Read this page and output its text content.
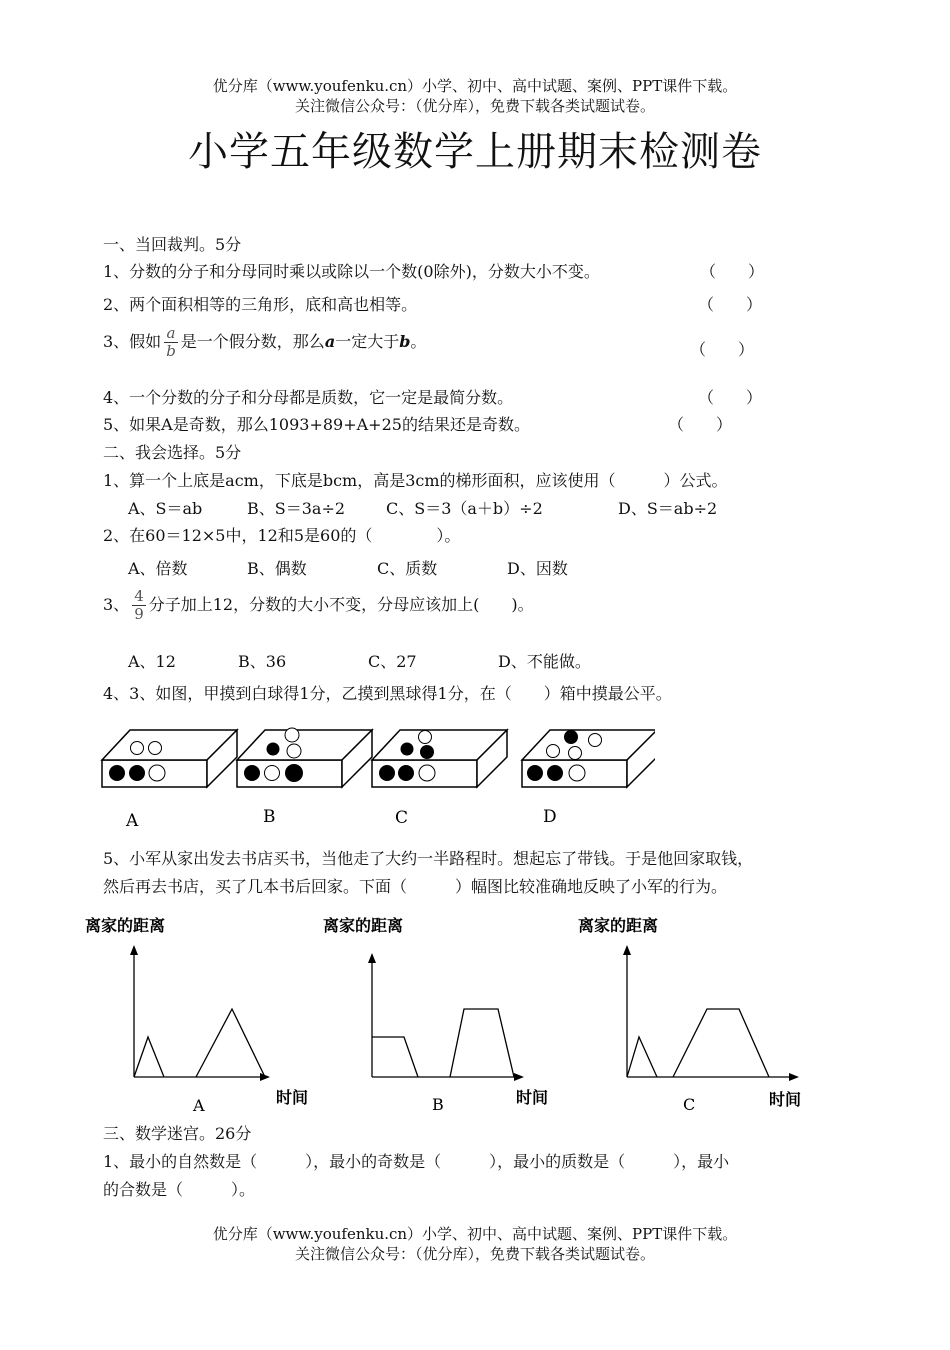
优分库（www.youfenku.cn）小学、初中、高中试题、案例、PPT课件下载。
关注微信公众号：（优分库），免费下载各类试题试卷。
小学五年级数学上册期末检测卷
一、当回裁判。5分
1、分数的分子和分母同时乘以或除以一个数(0除外)，分数大小不变。	（　　）
2、两个面积相等的三角形，底和高也相等。	（　　）
3、假如 $\frac{a}{b}$ 是一个假分数，那么a一定大于b。	（　　）
4、一个分数的分子和分母都是质数，它一定是最简分数。	（　　）
5、如果A是奇数，那么1093+89+A+25的结果还是奇数。	（　　）
二、我会选择。5分
1、算一个上底是acm，下底是bcm，高是3cm的梯形面积，应该使用（　　　）公式。
A、S＝ab	B、S＝3a÷2	C、S＝3（a＋b）÷2	D、S＝ab÷2
2、在60＝12×5中，12和5是60的（　　　　）。
A、倍数	B、偶数	C、质数	D、因数
3、 $\frac{4}{9}$ 分子加上12，分数的大小不变，分母应该加上(　　)。
A、12	B、36	C、27	D、不能做。
4、3、如图，甲摸到白球得1分，乙摸到黑球得1分，在（　　）箱中摸最公平。
A	B	C	D
5、小军从家出发去书店买书，当他走了大约一半路程时。想起忘了带钱。于是他回家取钱，
然后再去书店，买了几本书后回家。下面（　　　）幅图比较准确地反映了小军的行为。
离家的距离
时间
A
离家的距离
时间
B
离家的距离
时间
C
三、数学迷宫。26分
1、最小的自然数是（　　　），最小的奇数是（　　　），最小的质数是（　　　），最小
的合数是（　　　）。
优分库（www.youfenku.cn）小学、初中、高中试题、案例、PPT课件下载。
关注微信公众号：（优分库），免费下载各类试题试卷。
